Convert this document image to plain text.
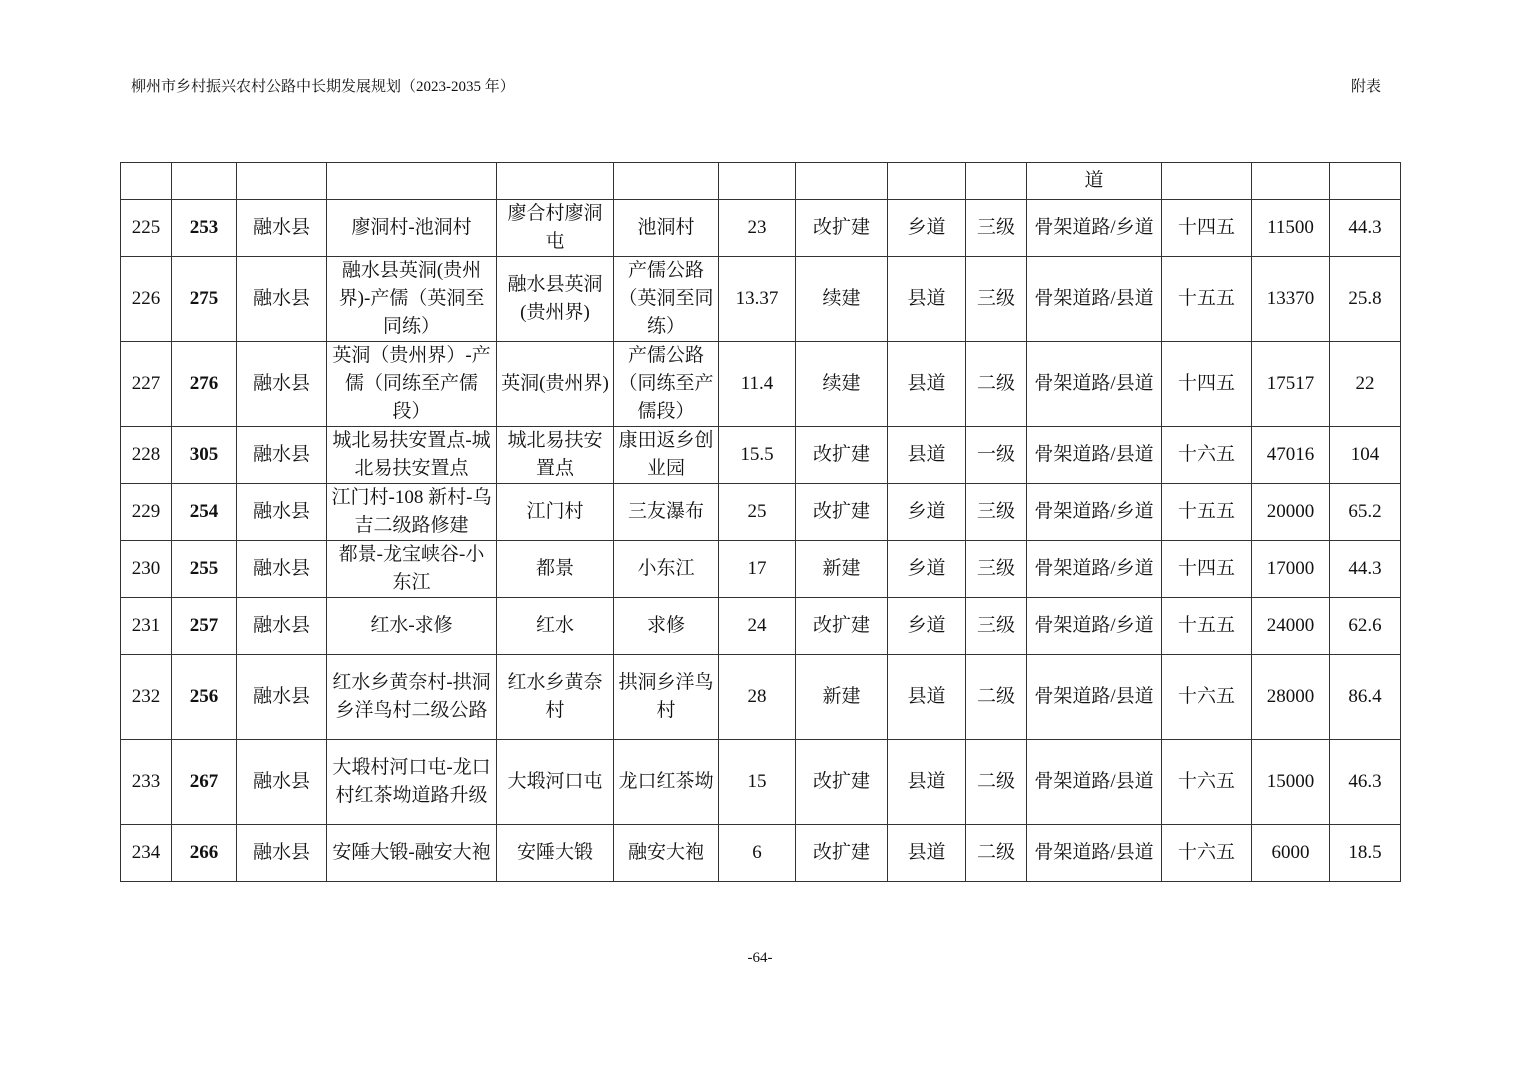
柳州市乡村振兴农村公路中长期发展规划（2023-2035 年）	附表
										道			
225	253	融水县	廖洞村-池洞村	廖合村廖洞屯	池洞村	23	改扩建	乡道	三级	骨架道路/乡道	十四五	11500	44.3
226	275	融水县	融水县英洞(贵州界)-产儒（英洞至同练）	融水县英洞(贵州界)	产儒公路（英洞至同练）	13.37	续建	县道	三级	骨架道路/县道	十五五	13370	25.8
227	276	融水县	英洞（贵州界）-产儒（同练至产儒段）	英洞(贵州界)	产儒公路（同练至产儒段）	11.4	续建	县道	二级	骨架道路/县道	十四五	17517	22
228	305	融水县	城北易扶安置点-城北易扶安置点	城北易扶安置点	康田返乡创业园	15.5	改扩建	县道	一级	骨架道路/县道	十六五	47016	104
229	254	融水县	江门村-108 新村-乌吉二级路修建	江门村	三友瀑布	25	改扩建	乡道	三级	骨架道路/乡道	十五五	20000	65.2
230	255	融水县	都景-龙宝峡谷-小东江	都景	小东江	17	新建	乡道	三级	骨架道路/乡道	十四五	17000	44.3
231	257	融水县	红水-求修	红水	求修	24	改扩建	乡道	三级	骨架道路/乡道	十五五	24000	62.6
232	256	融水县	红水乡黄奈村-拱洞乡洋鸟村二级公路	红水乡黄奈村	拱洞乡洋鸟村	28	新建	县道	二级	骨架道路/县道	十六五	28000	86.4
233	267	融水县	大塅村河口屯-龙口村红茶坳道路升级	大塅河口屯	龙口红茶坳	15	改扩建	县道	二级	骨架道路/县道	十六五	15000	46.3
234	266	融水县	安陲大锻-融安大袍	安陲大锻	融安大袍	6	改扩建	县道	二级	骨架道路/县道	十六五	6000	18.5
-64-
